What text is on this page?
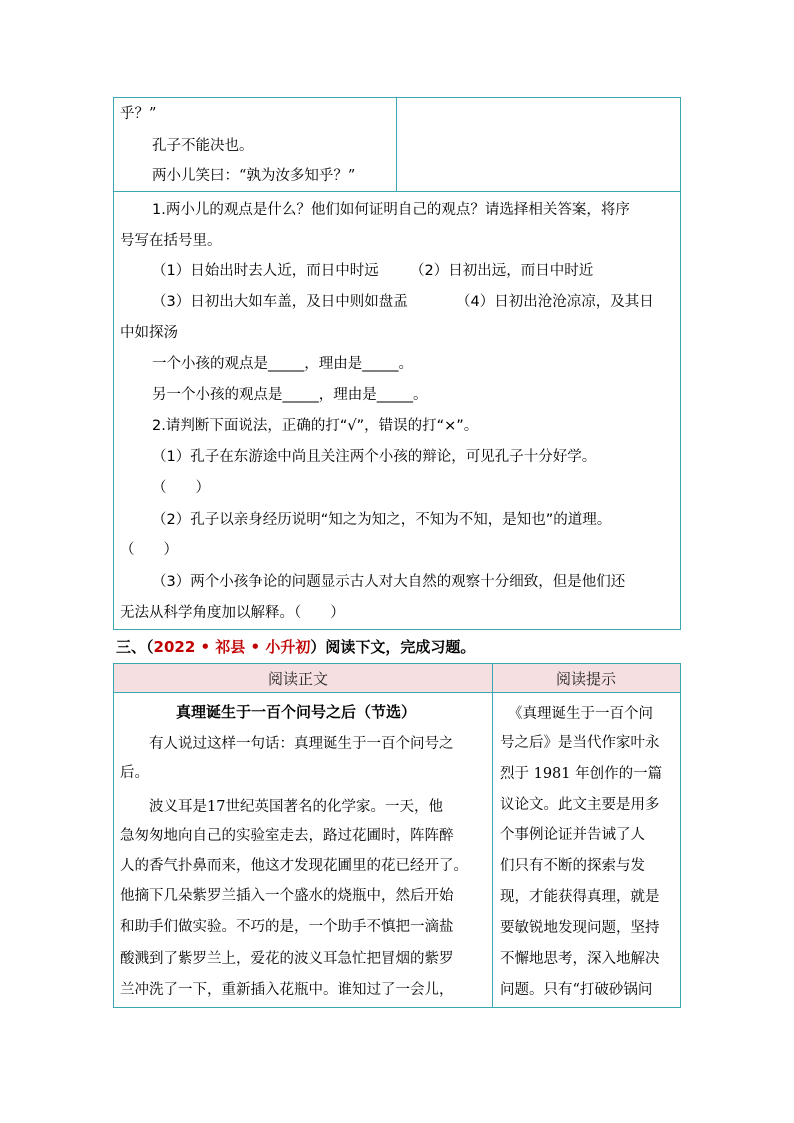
乎？”
孔子不能决也。
两小儿笑曰：“孰为汝多知乎？”
1.两小儿的观点是什么？他们如何证明自己的观点？请选择相关答案，将序
号写在括号里。
（1）日始出时去人近，而日中时远 （2）日初出远，而日中时近
（3）日初出大如车盖，及日中则如盘盂	（4）日初出沧沧凉凉，及其日
中如探汤
一个小孩的观点是_____，理由是_____。
另一个小孩的观点是_____，理由是_____。
2.请判断下面说法，正确的打“√”，错误的打“×”。
（1）孔子在东游途中尚且关注两个小孩的辩论，可见孔子十分好学。
（　　）
（2）孔子以亲身经历说明“知之为知之，不知为不知，是知也”的道理。
（　　）
（3）两个小孩争论的问题显示古人对大自然的观察十分细致，但是他们还
无法从科学角度加以解释。（　　）
三、（2022 • 祁县 • 小升初）阅读下文，完成习题。
阅读正文	阅读提示
真理诞生于一百个问号之后（节选）
　　有人说过这样一句话：真理诞生于一百个问号之
后。
　　波义耳是17世纪英国著名的化学家。一天，他
急匆匆地向自己的实验室走去，路过花圃时，阵阵醉
人的香气扑鼻而来，他这才发现花圃里的花已经开了。
他摘下几朵紫罗兰插入一个盛水的烧瓶中，然后开始
和助手们做实验。不巧的是，一个助手不慎把一滴盐
酸溅到了紫罗兰上，爱花的波义耳急忙把冒烟的紫罗
兰冲洗了一下，重新插入花瓶中。谁知过了一会儿，
《真理诞生于一百个问
号之后》是当代作家叶永
烈于 1981 年创作的一篇
议论文。此文主要是用多
个事例论证并告诫了人
们只有不断的探索与发
现，才能获得真理，就是
要敏锐地发现问题，坚持
不懈地思考，深入地解决
问题。只有“打破砂锅问
